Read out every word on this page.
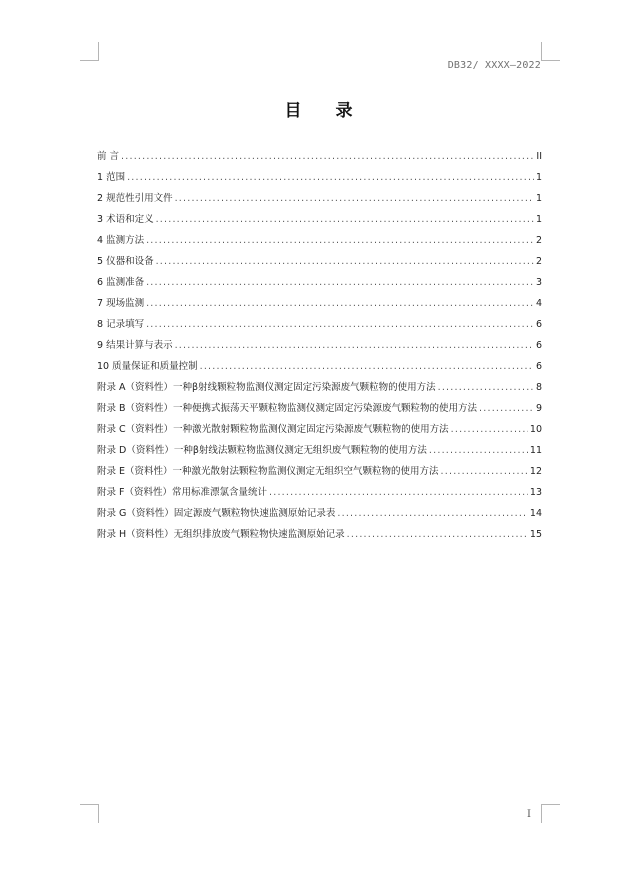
DB32/ XXXX—2022
目 录
前 言 .....	II
1 范围 .....	1
2 规范性引用文件 .....	1
3 术语和定义 .....	1
4 监测方法 .....	2
5 仪器和设备 .....	2
6 监测准备 .....	3
7 现场监测 .....	4
8 记录填写 .....	6
9 结果计算与表示 .....	6
10 质量保证和质量控制 .....	6
附录 A（资料性）一种β射线颗粒物监测仪测定固定污染源废气颗粒物的使用方法 .....	8
附录 B（资料性）一种便携式振荡天平颗粒物监测仪测定固定污染源废气颗粒物的使用方法 .....	9
附录 C（资料性）一种激光散射颗粒物监测仪测定固定污染源废气颗粒物的使用方法 .....	10
附录 D（资料性）一种β射线法颗粒物监测仪测定无组织废气颗粒物的使用方法 .....	11
附录 E（资料性）一种激光散射法颗粒物监测仪测定无组织空气颗粒物的使用方法 .....	12
附录 F（资料性）常用标准漂氯含量统计 .....	13
附录 G（资料性）固定源废气颗粒物快速监测原始记录表 .....	14
附录 H（资料性）无组织排放废气颗粒物快速监测原始记录 .....	15
I
